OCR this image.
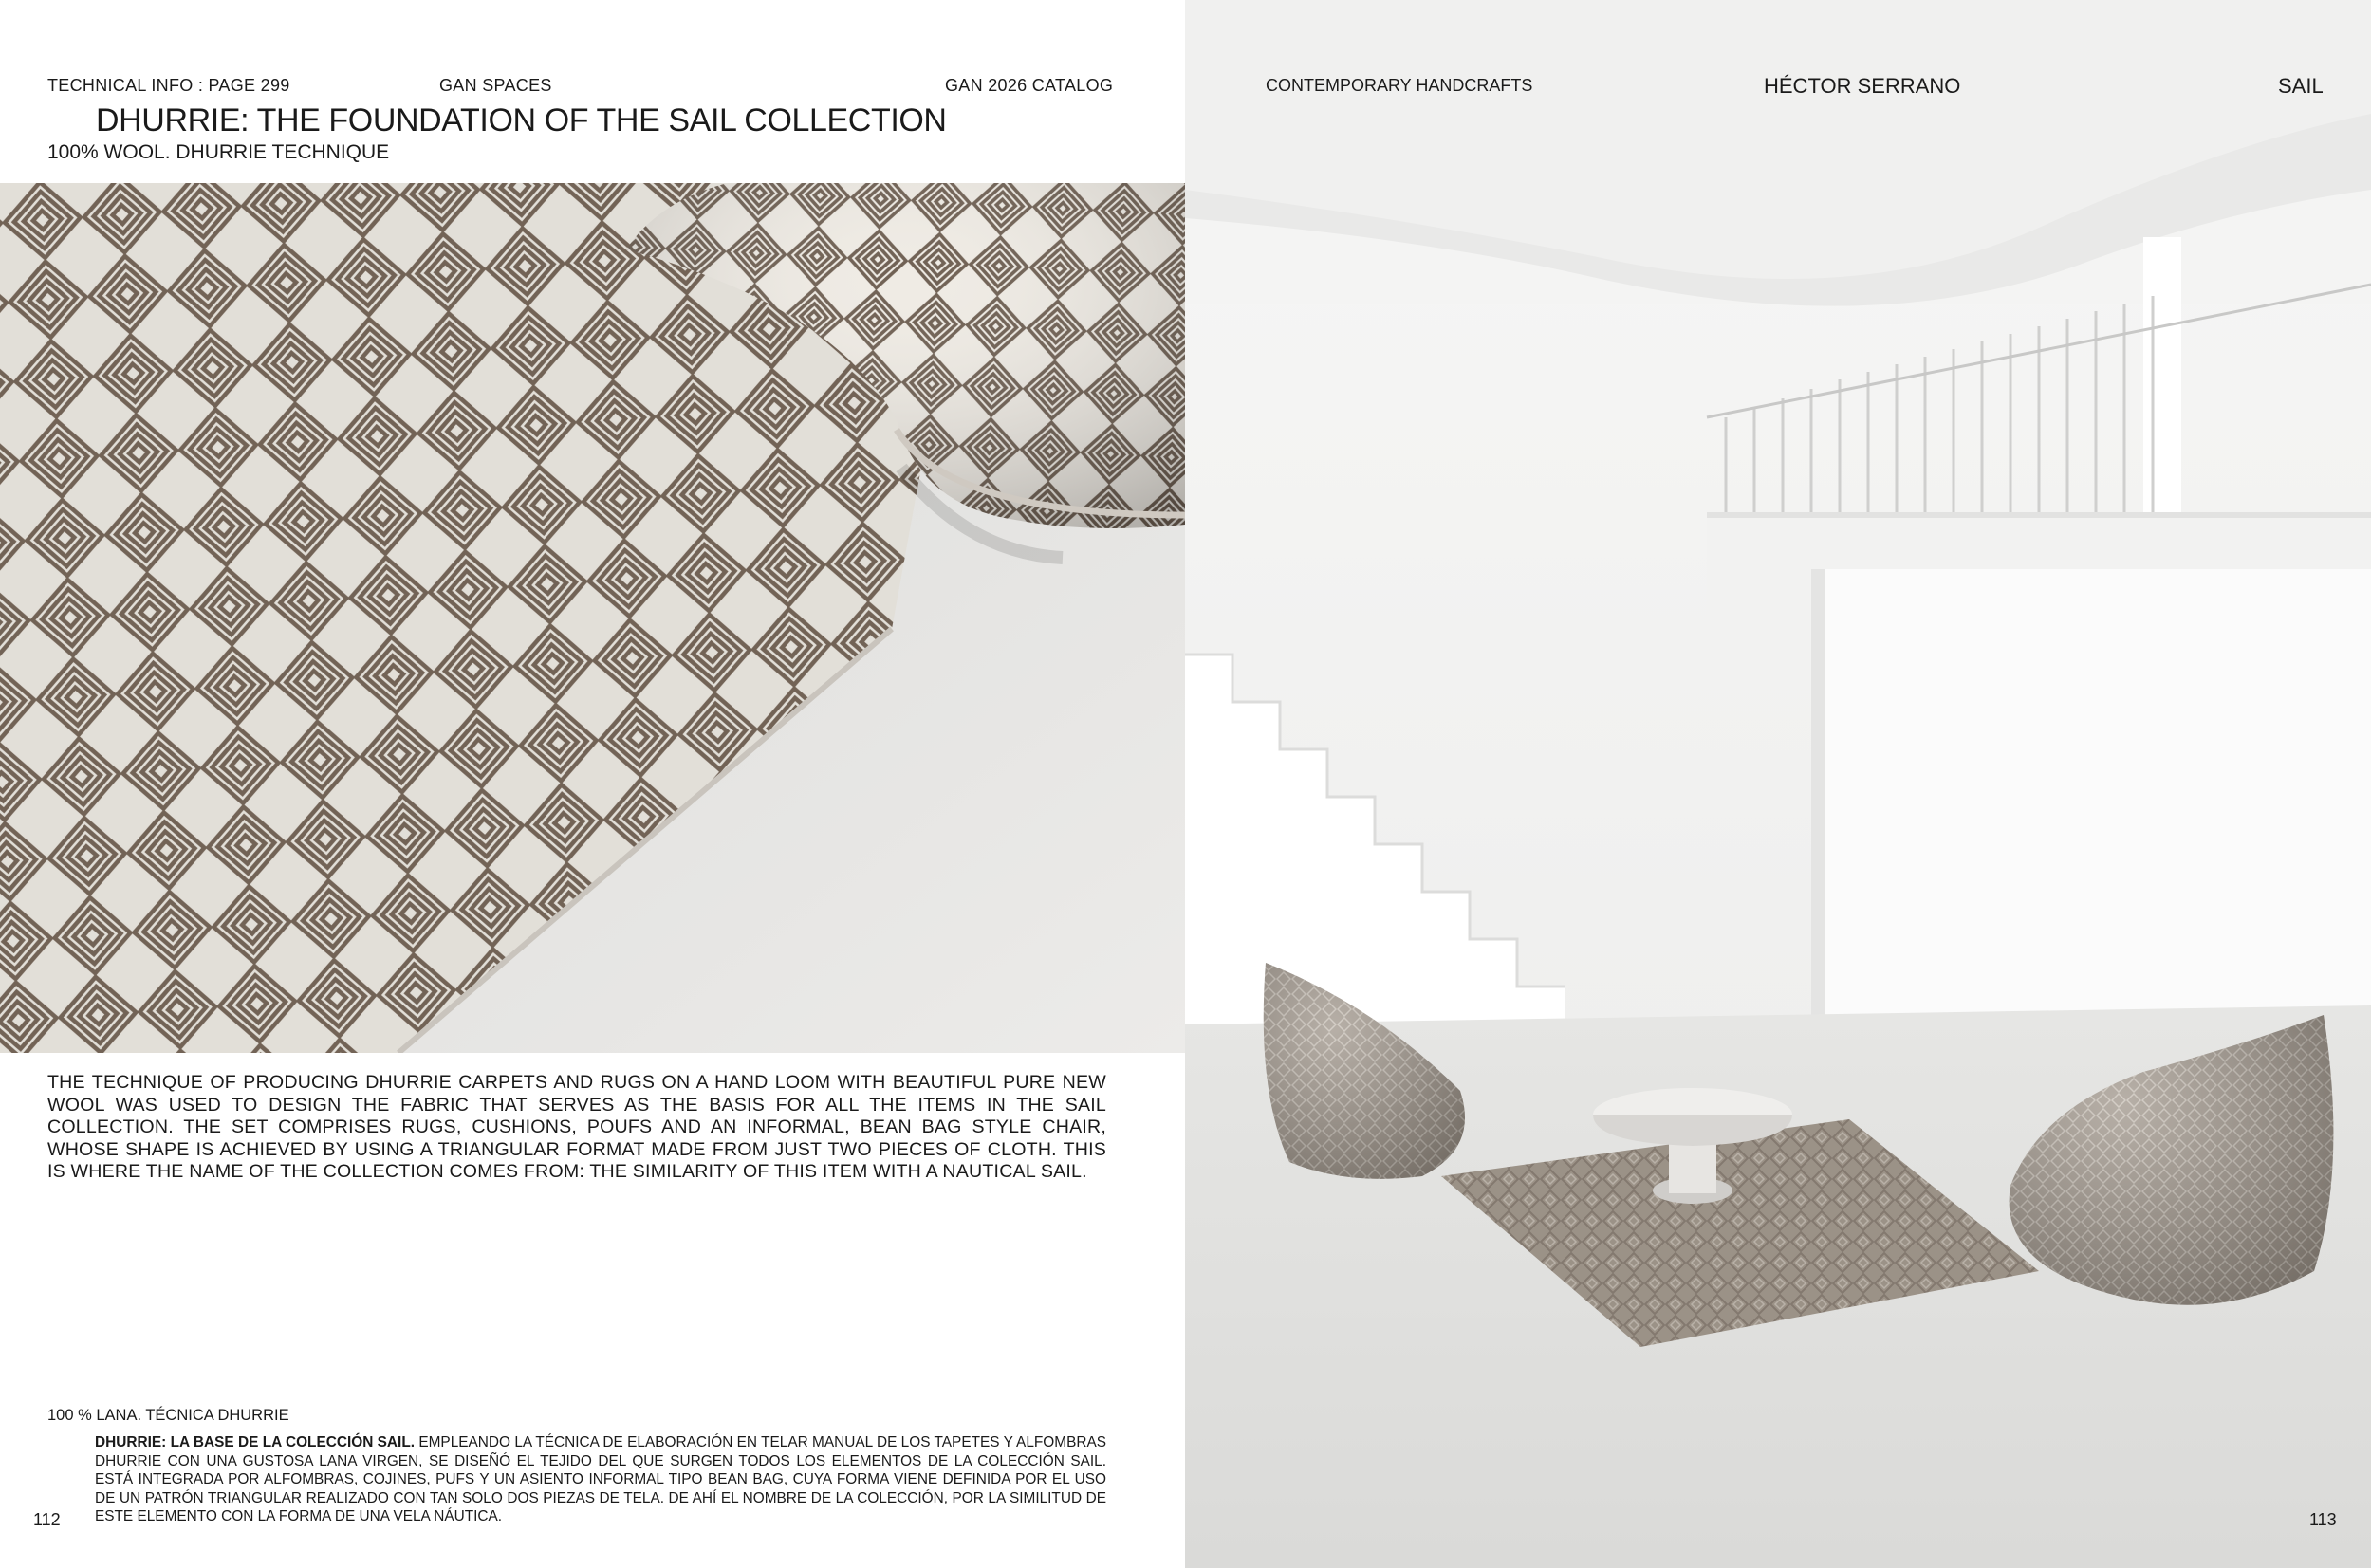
TECHNICAL INFO : PAGE 299	GAN SPACES	GAN 2026 CATALOG
DHURRIE: THE FOUNDATION OF THE SAIL COLLECTION
100% WOOL. DHURRIE TECHNIQUE
THE TECHNIQUE OF PRODUCING DHURRIE CARPETS AND RUGS ON A HAND LOOM WITH BEAUTIFUL PURE NEW WOOL WAS USED TO DESIGN THE FABRIC THAT SERVES AS THE BASIS FOR ALL THE ITEMS IN THE SAIL COLLECTION. THE SET COMPRISES RUGS, CUSHIONS, POUFS AND AN INFORMAL, BEAN BAG STYLE CHAIR, WHOSE SHAPE IS ACHIEVED BY USING A TRIANGULAR FORMAT MADE FROM JUST TWO PIECES OF CLOTH. THIS IS WHERE THE NAME OF THE COLLECTION COMES FROM: THE SIMILARITY OF THIS ITEM WITH A NAUTICAL SAIL.
100 % LANA. TÉCNICA DHURRIE
DHURRIE: LA BASE DE LA COLECCIÓN SAIL. EMPLEANDO LA TÉCNICA DE ELABORACIÓN EN TELAR MANUAL DE LOS TAPETES Y ALFOMBRAS DHURRIE CON UNA GUSTOSA LANA VIRGEN, SE DISEÑÓ EL TEJIDO DEL QUE SURGEN TODOS LOS ELEMENTOS DE LA COLECCIÓN SAIL. ESTÁ INTEGRADA POR ALFOMBRAS, COJINES, PUFS Y UN ASIENTO INFORMAL TIPO BEAN BAG, CUYA FORMA VIENE DEFINIDA POR EL USO DE UN PATRÓN TRIANGULAR REALIZADO CON TAN SOLO DOS PIEZAS DE TELA. DE AHÍ EL NOMBRE DE LA COLECCIÓN, POR LA SIMILITUD DE ESTE ELEMENTO CON LA FORMA DE UNA VELA NÁUTICA.
112
CONTEMPORARY HANDCRAFTS	HÉCTOR SERRANO	SAIL
113
